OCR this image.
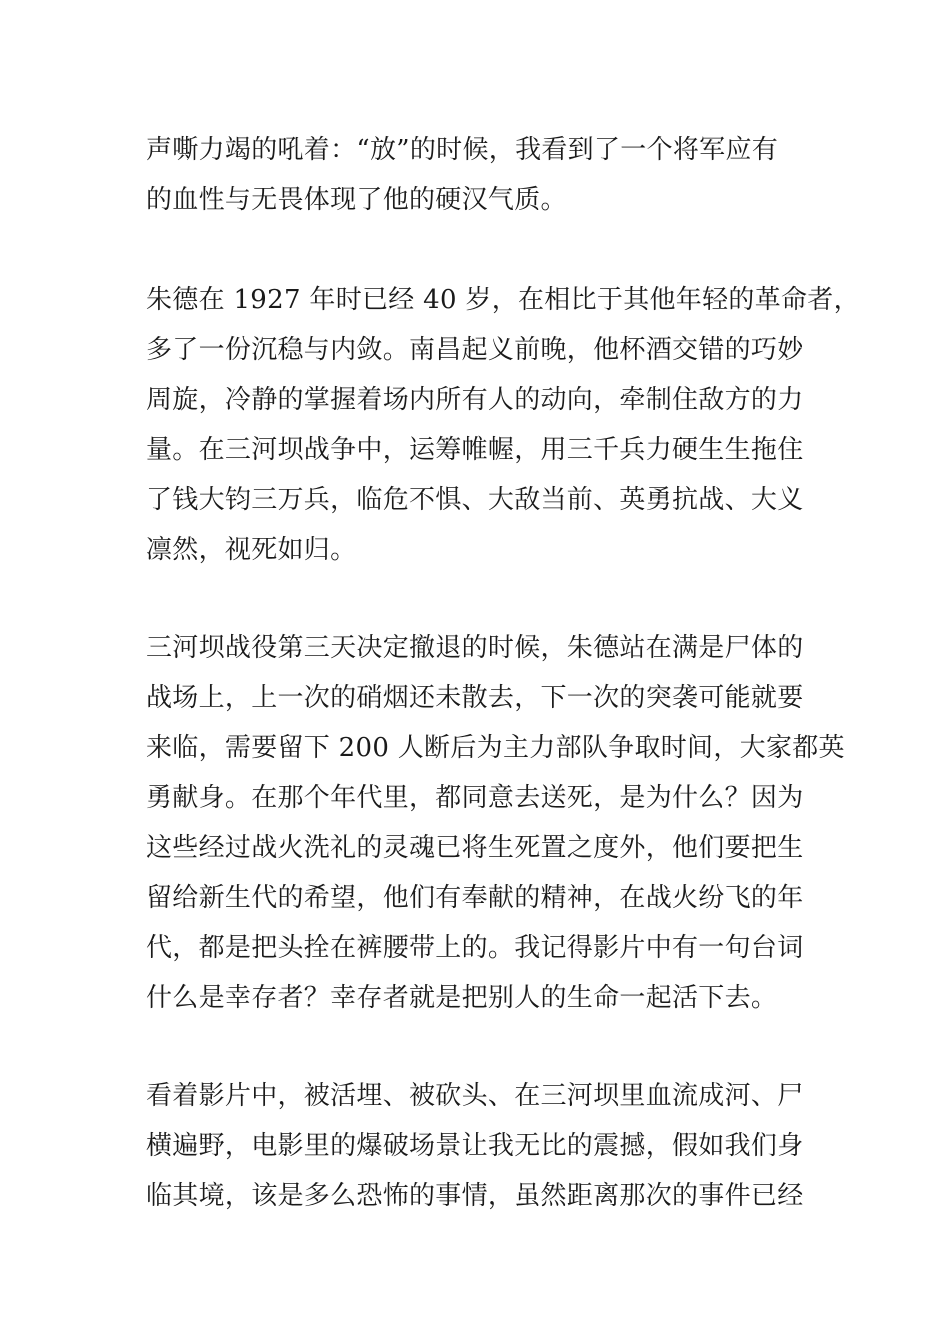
声嘶力竭的吼着：“放”的时候，我看到了一个将军应有
的血性与无畏体现了他的硬汉气质。
朱德在 1927 年时已经 40 岁，在相比于其他年轻的革命者，
多了一份沉稳与内敛。南昌起义前晚，他杯酒交错的巧妙
周旋，冷静的掌握着场内所有人的动向，牵制住敌方的力
量。在三河坝战争中，运筹帷幄，用三千兵力硬生生拖住
了钱大钧三万兵，临危不惧、大敌当前、英勇抗战、大义
凛然，视死如归。
三河坝战役第三天决定撤退的时候，朱德站在满是尸体的
战场上，上一次的硝烟还未散去，下一次的突袭可能就要
来临，需要留下 200 人断后为主力部队争取时间，大家都英
勇献身。在那个年代里，都同意去送死，是为什么？因为
这些经过战火洗礼的灵魂已将生死置之度外，他们要把生
留给新生代的希望，他们有奉献的精神，在战火纷飞的年
代，都是把头拴在裤腰带上的。我记得影片中有一句台词
什么是幸存者？幸存者就是把别人的生命一起活下去。
看着影片中，被活埋、被砍头、在三河坝里血流成河、尸
横遍野，电影里的爆破场景让我无比的震撼，假如我们身
临其境，该是多么恐怖的事情，虽然距离那次的事件已经
